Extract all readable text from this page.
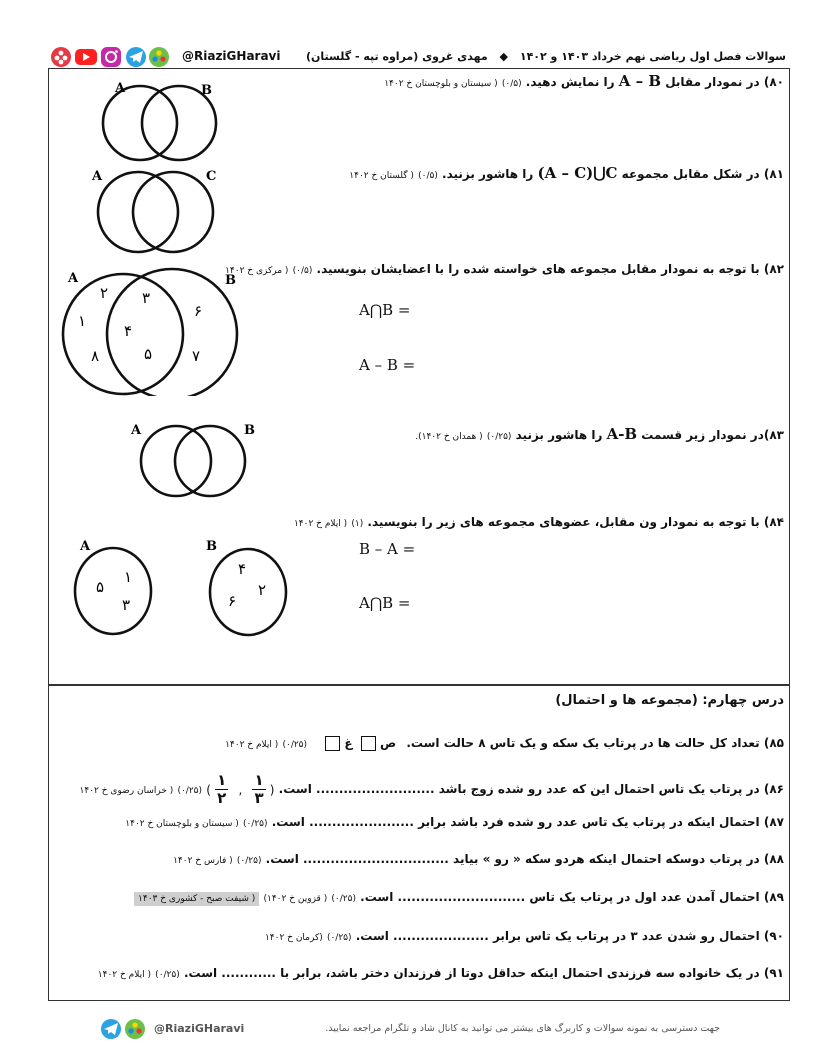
@RiaziGHaravi	سوالات فصل اول ریاضی نهم خرداد ۱۴۰۳ و ۱۴۰۲ ◆ مهدی غروی (مراوه تپه - گلستان)
۸۰) در نمودار مقابل A – B را نمایش دهید. (۰/۵) ( سیستان و بلوچستان خ ۱۴۰۲
A	B
۸۱) در شکل مقابل مجموعه (A – C)⋃C را هاشور بزنید. (۰/۵) ( گلستان خ ۱۴۰۲
A	C
۸۲) با توجه به نمودار مقابل مجموعه های خواسته شده را با اعضایشان بنویسید. (۰/۵) ( مرکزی خ ۱۴۰۲
A	B
۱
۲ ۳
۴
۵
۶
۷
۸
A⋂B =
A – B =
۸۳)در نمودار زیر قسمت A-B را هاشور بزنید (۰/۲۵) ( همدان خ ۱۴۰۲).
A	B
۸۴) با توجه به نمودار ون مقابل، عضوهای مجموعه های زیر را بنویسید. (۱) ( ایلام خ ۱۴۰۲
A	B
۱
۵
۳
۴
۶
۲
B – A =
A⋂B =
درس چهارم: (مجموعه ها و احتمال)
۸۵) تعداد کل حالت ها در پرتاب یک سکه و یک تاس ۸ حالت است. ص  غ  (۰/۲۵) ( ایلام خ ۱۴۰۲
۸۶) در پرتاب یک تاس احتمال این که عدد رو شده زوج باشد .......................... است. (
۱
۳
,
۱
۲
) (۰/۲۵) ( خراسان رضوی خ ۱۴۰۲
۸۷) احتمال اینکه در پرتاب یک تاس عدد رو شده فرد باشد برابر ....................... است. (۰/۲۵) ( سیستان و بلوچستان خ ۱۴۰۲
۸۸) در پرتاب دوسکه احتمال اینکه هردو سکه « رو » بیاید ................................ است. (۰/۲۵) ( فارس خ ۱۴۰۲
۸۹) احتمال آمدن عدد اول در پرتاب یک تاس ............................ است. (۰/۲۵) ( قزوین خ ۱۴۰۲) ( شیفت صبح - کشوری خ ۱۴۰۳
۹۰) احتمال رو شدن عدد ۳ در پرتاب یک تاس برابر ..................... است. (۰/۲۵) (کرمان خ ۱۴۰۲
۹۱) در یک خانواده سه فرزندی احتمال اینکه حداقل دوتا از فرزندان دختر باشد، برابر با ............ است. (۰/۲۵) ( ایلام خ ۱۴۰۲
@RiaziGHaravi	جهت دسترسی به نمونه سوالات و کاربرگ های بیشتر می توانید به کانال شاد و تلگرام مراجعه نمایید.
